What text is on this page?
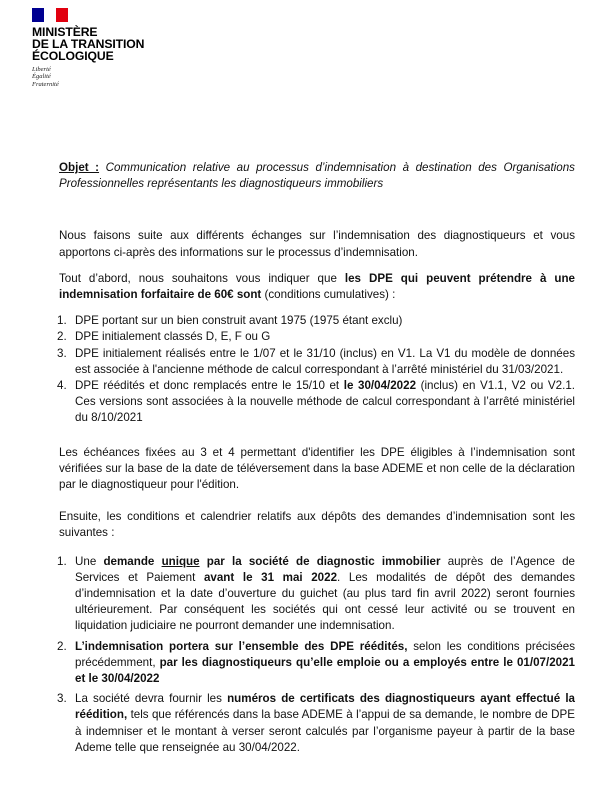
MINISTÈRE
DE LA TRANSITION
ÉCOLOGIQUE
Liberté
Égalité
Fraternité

Objet : Communication relative au processus d’indemnisation à destination des Organisations Professionnelles représentants les diagnostiqueurs immobiliers

Nous faisons suite aux différents échanges sur l’indemnisation des diagnostiqueurs et vous apportons ci-après des informations sur le processus d’indemnisation.

Tout d’abord, nous souhaitons vous indiquer que les DPE qui peuvent prétendre à une indemnisation forfaitaire de 60€ sont (conditions cumulatives) :

1. DPE portant sur un bien construit avant 1975 (1975 étant exclu)
2. DPE initialement classés D, E, F ou G
3. DPE initialement réalisés entre le 1/07 et le 31/10 (inclus) en V1. La V1 du modèle de données est associée à l'ancienne méthode de calcul correspondant à l’arrêté ministériel du 31/03/2021.
4. DPE réédités et donc remplacés entre le 15/10 et le 30/04/2022 (inclus) en V1.1, V2 ou V2.1. Ces versions sont associées à la nouvelle méthode de calcul correspondant à l’arrêté ministériel du 8/10/2021

Les échéances fixées au 3 et 4 permettant d'identifier les DPE éligibles à l’indemnisation sont vérifiées sur la base de la date de téléversement dans la base ADEME et non celle de la déclaration par le diagnostiqueur pour l'édition.

Ensuite, les conditions et calendrier relatifs aux dépôts des demandes d’indemnisation sont les suivantes :

1. Une demande unique par la société de diagnostic immobilier auprès de l’Agence de Services et Paiement avant le 31 mai 2022. Les modalités de dépôt des demandes d’indemnisation et la date d’ouverture du guichet (au plus tard fin avril 2022) seront fournies ultérieurement. Par conséquent les sociétés qui ont cessé leur activité ou se trouvent en liquidation judiciaire ne pourront demander une indemnisation.
2. L’indemnisation portera sur l’ensemble des DPE réédités, selon les conditions précisées précédemment, par les diagnostiqueurs qu’elle emploie ou a employés entre le 01/07/2021 et le 30/04/2022
3. La société devra fournir les numéros de certificats des diagnostiqueurs ayant effectué la réédition, tels que référencés dans la base ADEME à l’appui de sa demande, le nombre de DPE à indemniser et le montant à verser seront calculés par l’organisme payeur à partir de la base Ademe telle que renseignée au 30/04/2022.
